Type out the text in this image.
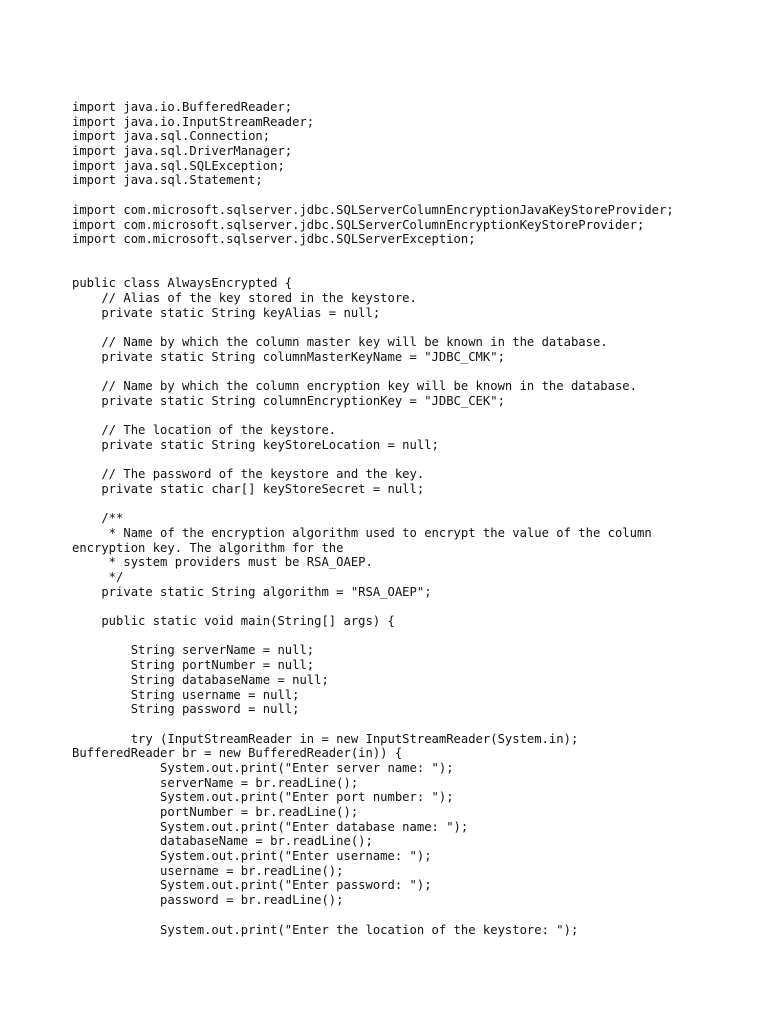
import java.io.BufferedReader;
import java.io.InputStreamReader;
import java.sql.Connection;
import java.sql.DriverManager;
import java.sql.SQLException;
import java.sql.Statement;
import com.microsoft.sqlserver.jdbc.SQLServerColumnEncryptionJavaKeyStoreProvider;
import com.microsoft.sqlserver.jdbc.SQLServerColumnEncryptionKeyStoreProvider;
import com.microsoft.sqlserver.jdbc.SQLServerException;
public class AlwaysEncrypted {
// Alias of the key stored in the keystore.
private static String keyAlias = null;
// Name by which the column master key will be known in the database.
private static String columnMasterKeyName = "JDBC_CMK";
// Name by which the column encryption key will be known in the database.
private static String columnEncryptionKey = "JDBC_CEK";
// The location of the keystore.
private static String keyStoreLocation = null;
// The password of the keystore and the key.
private static char[] keyStoreSecret = null;
/**
* Name of the encryption algorithm used to encrypt the value of the column
encryption key. The algorithm for the
* system providers must be RSA_OAEP.
*/
private static String algorithm = "RSA_OAEP";
public static void main(String[] args) {
String serverName = null;
String portNumber = null;
String databaseName = null;
String username = null;
String password = null;
try (InputStreamReader in = new InputStreamReader(System.in);
BufferedReader br = new BufferedReader(in)) {
System.out.print("Enter server name: ");
serverName = br.readLine();
System.out.print("Enter port number: ");
portNumber = br.readLine();
System.out.print("Enter database name: ");
databaseName = br.readLine();
System.out.print("Enter username: ");
username = br.readLine();
System.out.print("Enter password: ");
password = br.readLine();
System.out.print("Enter the location of the keystore: ");
